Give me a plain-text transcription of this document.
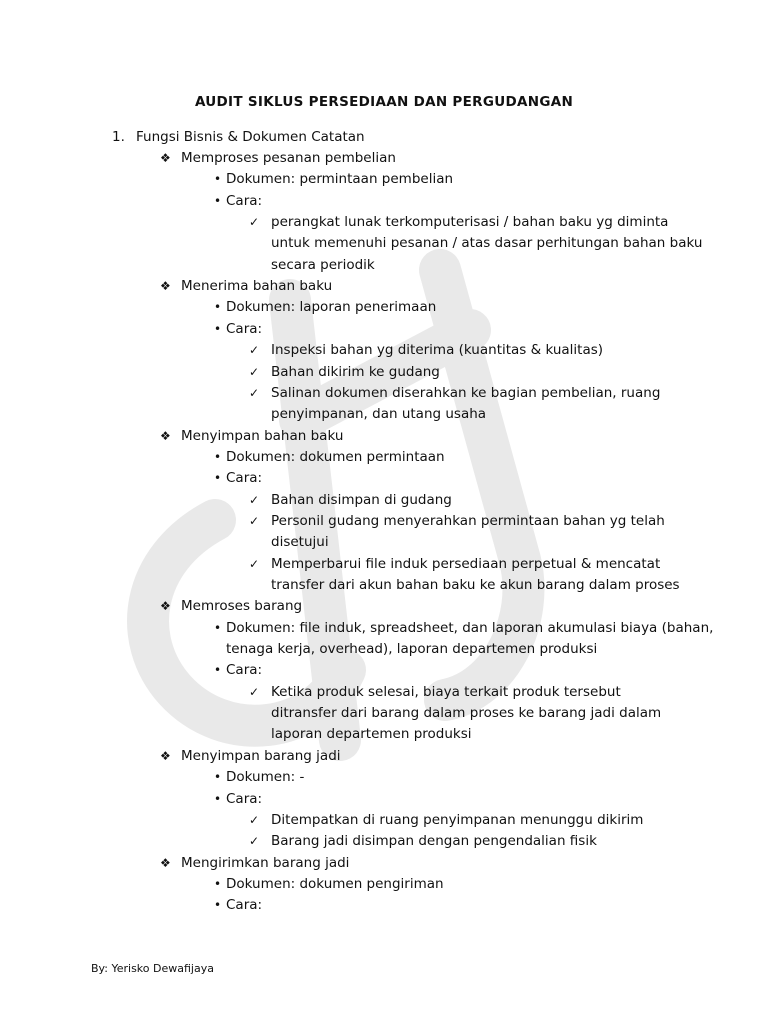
AUDIT SIKLUS PERSEDIAAN DAN PERGUDANGAN
1. Fungsi Bisnis & Dokumen Catatan
❖ Memproses pesanan pembelian
• Dokumen: permintaan pembelian
• Cara:
✓ perangkat lunak terkomputerisasi / bahan baku yg diminta
untuk memenuhi pesanan / atas dasar perhitungan bahan baku
secara periodik
❖ Menerima bahan baku
• Dokumen: laporan penerimaan
• Cara:
✓ Inspeksi bahan yg diterima (kuantitas & kualitas)
✓ Bahan dikirim ke gudang
✓ Salinan dokumen diserahkan ke bagian pembelian, ruang
penyimpanan, dan utang usaha
❖ Menyimpan bahan baku
• Dokumen: dokumen permintaan
• Cara:
✓ Bahan disimpan di gudang
✓ Personil gudang menyerahkan permintaan bahan yg telah
disetujui
✓ Memperbarui file induk persediaan perpetual & mencatat
transfer dari akun bahan baku ke akun barang dalam proses
❖ Memroses barang
• Dokumen: file induk, spreadsheet, dan laporan akumulasi biaya (bahan,
tenaga kerja, overhead), laporan departemen produksi
• Cara:
✓ Ketika produk selesai, biaya terkait produk tersebut
ditransfer dari barang dalam proses ke barang jadi dalam
laporan departemen produksi
❖ Menyimpan barang jadi
• Dokumen: -
• Cara:
✓ Ditempatkan di ruang penyimpanan menunggu dikirim
✓ Barang jadi disimpan dengan pengendalian fisik
❖ Mengirimkan barang jadi
• Dokumen: dokumen pengiriman
• Cara:
By: Yerisko Dewafijaya
